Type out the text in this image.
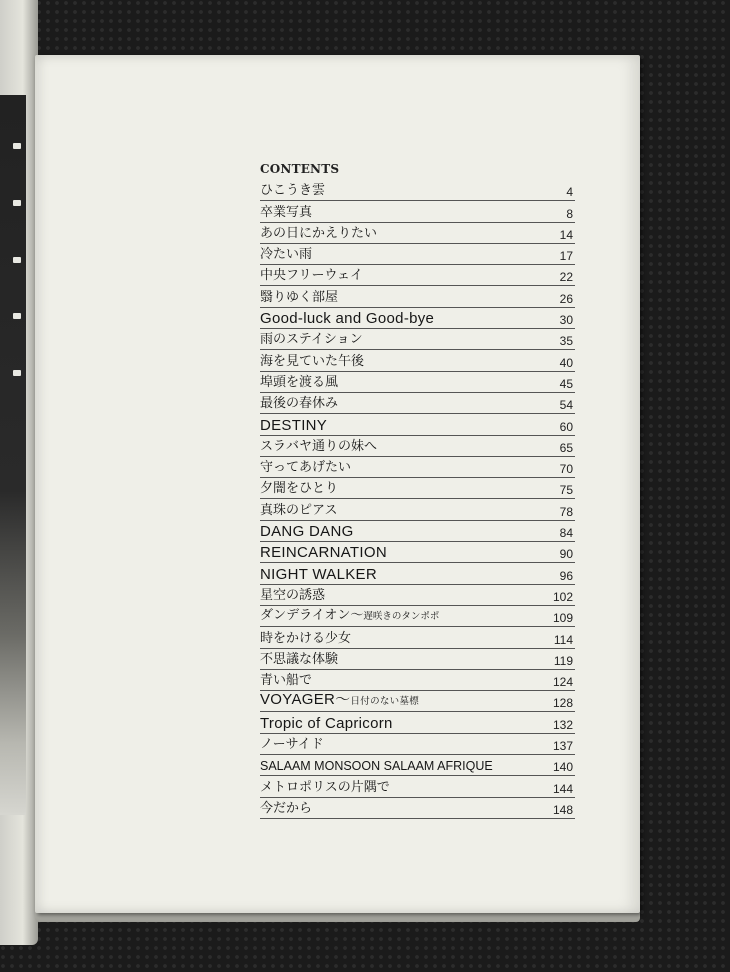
CONTENTS
ひこうき雲	4
卒業写真	8
あの日にかえりたい	14
冷たい雨	17
中央フリーウェイ	22
翳りゆく部屋	26
Good-luck and Good-bye	30
雨のステイション	35
海を見ていた午後	40
埠頭を渡る風	45
最後の春休み	54
DESTINY	60
スラバヤ通りの妹へ	65
守ってあげたい	70
夕闇をひとり	75
真珠のピアス	78
DANG DANG	84
REINCARNATION	90
NIGHT WALKER	96
星空の誘惑	102
ダンデライオン〜遅咲きのタンポポ	109
時をかける少女	114
不思議な体験	119
青い船で	124
VOYAGER〜日付のない墓標	128
Tropic of Capricorn	132
ノーサイド	137
SALAAM MONSOON SALAAM AFRIQUE	140
メトロポリスの片隅で	144
今だから	148
